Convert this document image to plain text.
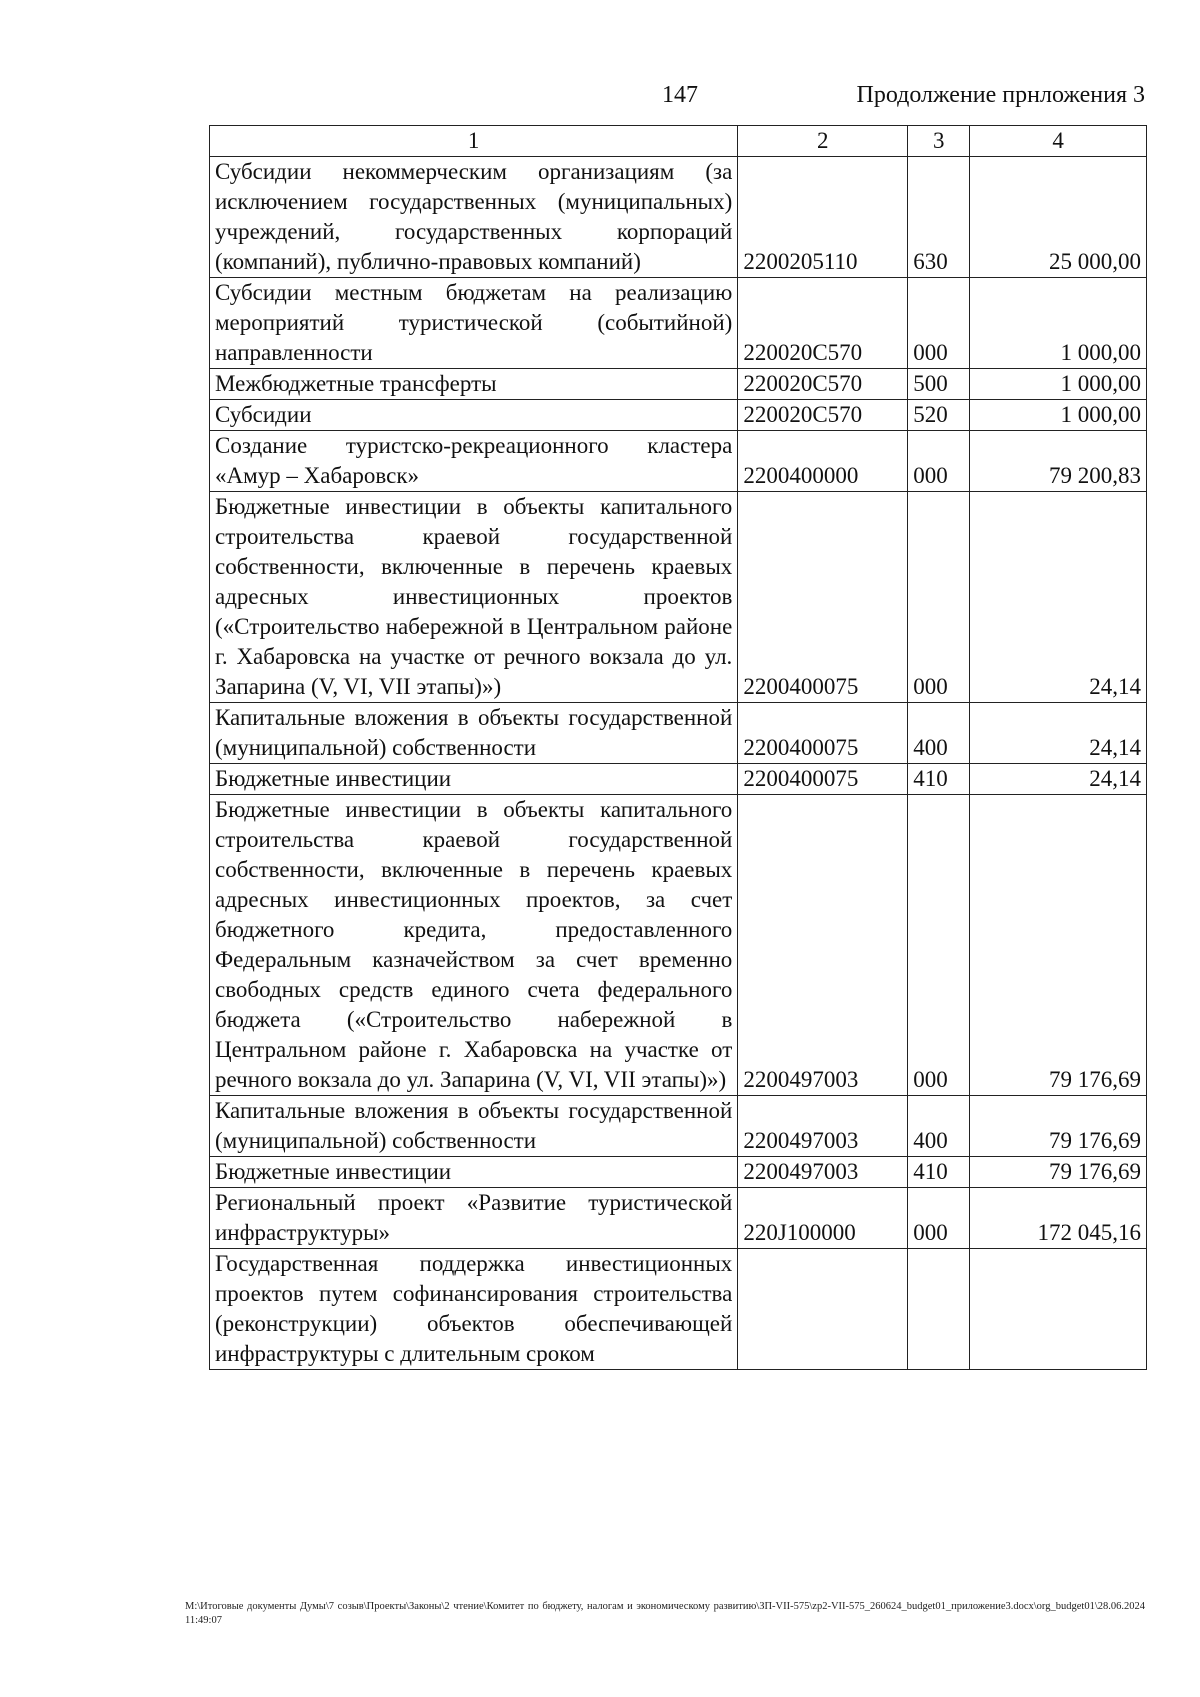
147	Продолжение прнложения 3
1	2	3	4
Субсидии некоммерческим организациям (за исключением государственных (муниципальных) учреждений, государственных корпораций (компаний), публично-правовых компаний)	2200205110	630	25 000,00
Субсидии местным бюджетам на реализацию мероприятий туристической (событийной) направленности	220020С570	000	1 000,00
Межбюджетные трансферты	220020С570	500	1 000,00
Субсидии	220020С570	520	1 000,00
Создание туристско-рекреационного кластера «Амур – Хабаровск»	2200400000	000	79 200,83
Бюджетные инвестиции в объекты капитального строительства краевой государственной собственности, включенные в перечень краевых адресных инвестиционных проектов («Строительство набережной в Центральном районе г. Хабаровска на участке от речного вокзала до ул. Запарина (V, VI, VII этапы)»)	2200400075	000	24,14
Капитальные вложения в объекты государственной (муниципальной) собственности	2200400075	400	24,14
Бюджетные инвестиции	2200400075	410	24,14
Бюджетные инвестиции в объекты капитального строительства краевой государственной собственности, включенные в перечень краевых адресных инвестиционных проектов, за счет бюджетного кредита, предоставленного Федеральным казначейством за счет временно свободных средств единого счета федерального бюджета («Строительство набережной в Центральном районе г. Хабаровска на участке от речного вокзала до ул. Запарина (V, VI, VII этапы)»)	2200497003	000	79 176,69
Капитальные вложения в объекты государственной (муниципальной) собственности	2200497003	400	79 176,69
Бюджетные инвестиции	2200497003	410	79 176,69
Региональный проект «Развитие туристической инфраструктуры»	220J100000	000	172 045,16
Государственная поддержка инвестиционных проектов путем софинансирования строительства (реконструкции) объектов обеспечивающей инфраструктуры с длительным сроком			
M:\Итоговые документы Думы\7 созыв\Проекты\Законы\2 чтение\Комитет по бюджету, налогам и экономическому развитию\ЗП-VII-575\zp2-VII-575_260624_budget01_приложение3.docx\org_budget01\28.06.2024 11:49:07
